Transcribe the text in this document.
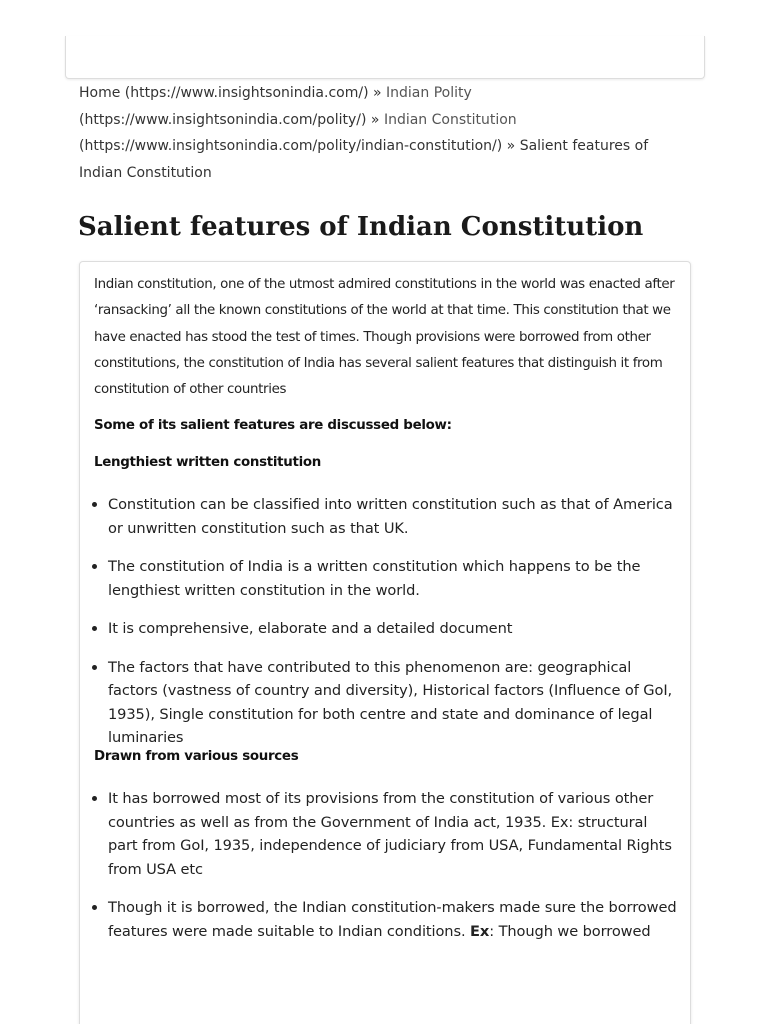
Home (https://www.insightsonindia.com/) » Indian Polity (https://www.insightsonindia.com/polity/) » Indian Constitution (https://www.insightsonindia.com/polity/indian-constitution/) » Salient features of Indian Constitution
Salient features of Indian Constitution

Indian constitution, one of the utmost admired constitutions in the world was enacted after ‘ransacking’ all the known constitutions of the world at that time. This constitution that we have enacted has stood the test of times. Though provisions were borrowed from other constitutions, the constitution of India has several salient features that distinguish it from constitution of other countries

Some of its salient features are discussed below:

Lengthiest written constitution

Constitution can be classified into written constitution such as that of America or unwritten constitution such as that UK.
The constitution of India is a written constitution which happens to be the lengthiest written constitution in the world.
It is comprehensive, elaborate and a detailed document
The factors that have contributed to this phenomenon are: geographical factors (vastness of country and diversity), Historical factors (Influence of GoI, 1935), Single constitution for both centre and state and dominance of legal luminaries

Drawn from various sources

It has borrowed most of its provisions from the constitution of various other countries as well as from the Government of India act, 1935. Ex: structural part from GoI, 1935, independence of judiciary from USA, Fundamental Rights from USA etc
Though it is borrowed, the Indian constitution-makers made sure the borrowed features were made suitable to Indian conditions. Ex: Though we borrowed
